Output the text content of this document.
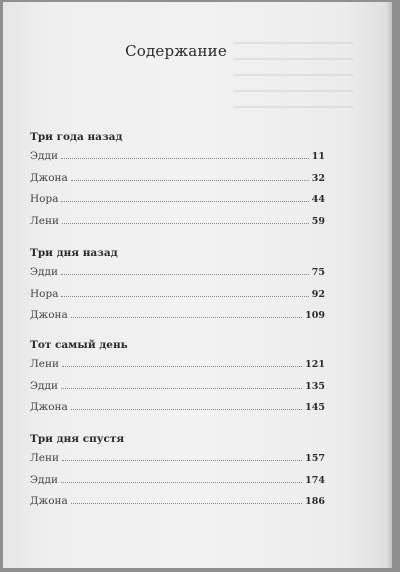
Содержание
Три года назад
Эдди	11
Джона	32
Нора	44
Лени	59
Три дня назад
Эдди	75
Нора	92
Джона	109
Тот самый день
Лени	121
Эдди	135
Джона	145
Три дня спустя
Лени	157
Эдди	174
Джона	186
